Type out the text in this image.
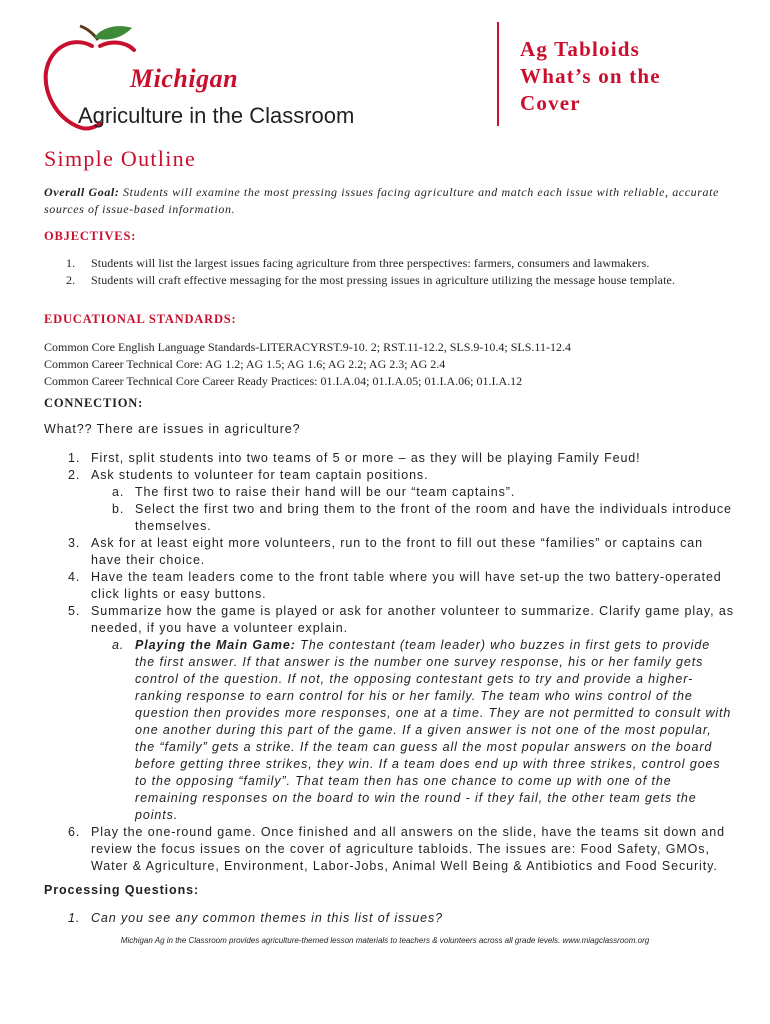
Michigan
Agriculture in the Classroom
Ag Tabloids
What’s on the
Cover
Simple Outline
Overall Goal: Students will examine the most pressing issues facing agriculture and match each issue with reliable, accurate sources of issue-based information.
OBJECTIVES:
1. Students will list the largest issues facing agriculture from three perspectives: farmers, consumers and lawmakers.
2. Students will craft effective messaging for the most pressing issues in agriculture utilizing the message house template.
EDUCATIONAL STANDARDS:
Common Core English Language Standards-LITERACYRST.9-10. 2; RST.11-12.2, SLS.9-10.4; SLS.11-12.4
Common Career Technical Core: AG 1.2; AG 1.5; AG 1.6; AG 2.2; AG 2.3; AG 2.4
Common Career Technical Core Career Ready Practices: 01.I.A.04; 01.I.A.05; 01.I.A.06; 01.I.A.12
CONNECTION:
What?? There are issues in agriculture?
1. First, split students into two teams of 5 or more – as they will be playing Family Feud!
2. Ask students to volunteer for team captain positions.
a. The first two to raise their hand will be our “team captains”.
b. Select the first two and bring them to the front of the room and have the individuals introduce themselves.
3. Ask for at least eight more volunteers, run to the front to fill out these “families” or captains can have their choice.
4. Have the team leaders come to the front table where you will have set-up the two battery-operated click lights or easy buttons.
5. Summarize how the game is played or ask for another volunteer to summarize. Clarify game play, as needed, if you have a volunteer explain.
a. Playing the Main Game: The contestant (team leader) who buzzes in first gets to provide the first answer. If that answer is the number one survey response, his or her family gets control of the question. If not, the opposing contestant gets to try and provide a higher-ranking response to earn control for his or her family. The team who wins control of the question then provides more responses, one at a time. They are not permitted to consult with one another during this part of the game. If a given answer is not one of the most popular, the “family” gets a strike. If the team can guess all the most popular answers on the board before getting three strikes, they win. If a team does end up with three strikes, control goes to the opposing “family”. That team then has one chance to come up with one of the remaining responses on the board to win the round - if they fail, the other team gets the points.
6. Play the one-round game. Once finished and all answers on the slide, have the teams sit down and review the focus issues on the cover of agriculture tabloids. The issues are: Food Safety, GMOs, Water & Agriculture, Environment, Labor-Jobs, Animal Well Being & Antibiotics and Food Security.
Processing Questions:
1. Can you see any common themes in this list of issues?
Michigan Ag in the Classroom provides agriculture-themed lesson materials to teachers & volunteers across all grade levels. www.miagclassroom.org
